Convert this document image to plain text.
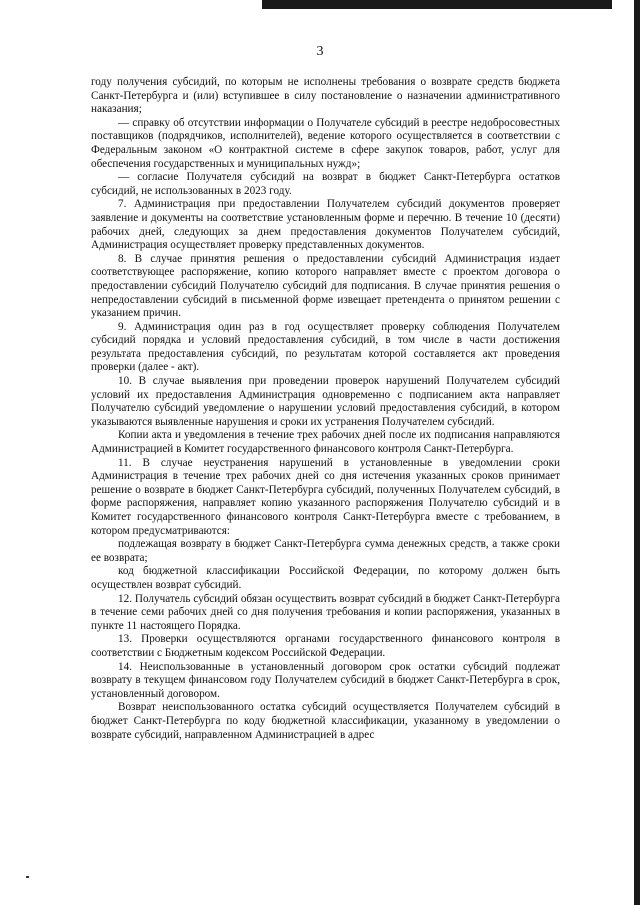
3

году получения субсидий, по которым не исполнены требования о возврате средств бюджета Санкт-Петербурга и (или) вступившее в силу постановление о назначении административного наказания;

— справку об отсутствии информации о Получателе субсидий в реестре недобросовестных поставщиков (подрядчиков, исполнителей), ведение которого осуществляется в соответствии с Федеральным законом «О контрактной системе в сфере закупок товаров, работ, услуг для обеспечения государственных и муниципальных нужд»;

— согласие Получателя субсидий на возврат в бюджет Санкт-Петербурга остатков субсидий, не использованных в 2023 году.

7. Администрация при предоставлении Получателем субсидий документов проверяет заявление и документы на соответствие установленным форме и перечню. В течение 10 (десяти) рабочих дней, следующих за днем предоставления документов Получателем субсидий, Администрация осуществляет проверку представленных документов.

8. В случае принятия решения о предоставлении субсидий Администрация издает соответствующее распоряжение, копию которого направляет вместе с проектом договора о предоставлении субсидий Получателю субсидий для подписания. В случае принятия решения о непредоставлении субсидий в письменной форме извещает претендента о принятом решении с указанием причин.

9. Администрация один раз в год осуществляет проверку соблюдения Получателем субсидий порядка и условий предоставления субсидий, в том числе в части достижения результата предоставления субсидий, по результатам которой составляется акт проведения проверки (далее - акт).

10. В случае выявления при проведении проверок нарушений Получателем субсидий условий их предоставления Администрация одновременно с подписанием акта направляет Получателю субсидий уведомление о нарушении условий предоставления субсидий, в котором указываются выявленные нарушения и сроки их устранения Получателем субсидий.

Копии акта и уведомления в течение трех рабочих дней после их подписания направляются Администрацией в Комитет государственного финансового контроля Санкт-Петербурга.

11. В случае неустранения нарушений в установленные в уведомлении сроки Администрация в течение трех рабочих дней со дня истечения указанных сроков принимает решение о возврате в бюджет Санкт-Петербурга субсидий, полученных Получателем субсидий, в форме распоряжения, направляет копию указанного распоряжения Получателю субсидий и в Комитет государственного финансового контроля Санкт-Петербурга вместе с требованием, в котором предусматриваются:

подлежащая возврату в бюджет Санкт-Петербурга сумма денежных средств, а также сроки ее возврата;

код бюджетной классификации Российской Федерации, по которому должен быть осуществлен возврат субсидий.

12. Получатель субсидий обязан осуществить возврат субсидий в бюджет Санкт-Петербурга в течение семи рабочих дней со дня получения требования и копии распоряжения, указанных в пункте 11 настоящего Порядка.

13. Проверки осуществляются органами государственного финансового контроля в соответствии с Бюджетным кодексом Российской Федерации.

14. Неиспользованные в установленный договором срок остатки субсидий подлежат возврату в текущем финансовом году Получателем субсидий в бюджет Санкт-Петербурга в срок, установленный договором.

Возврат неиспользованного остатка субсидий осуществляется Получателем субсидий в бюджет Санкт-Петербурга по коду бюджетной классификации, указанному в уведомлении о возврате субсидий, направленном Администрацией в адрес
